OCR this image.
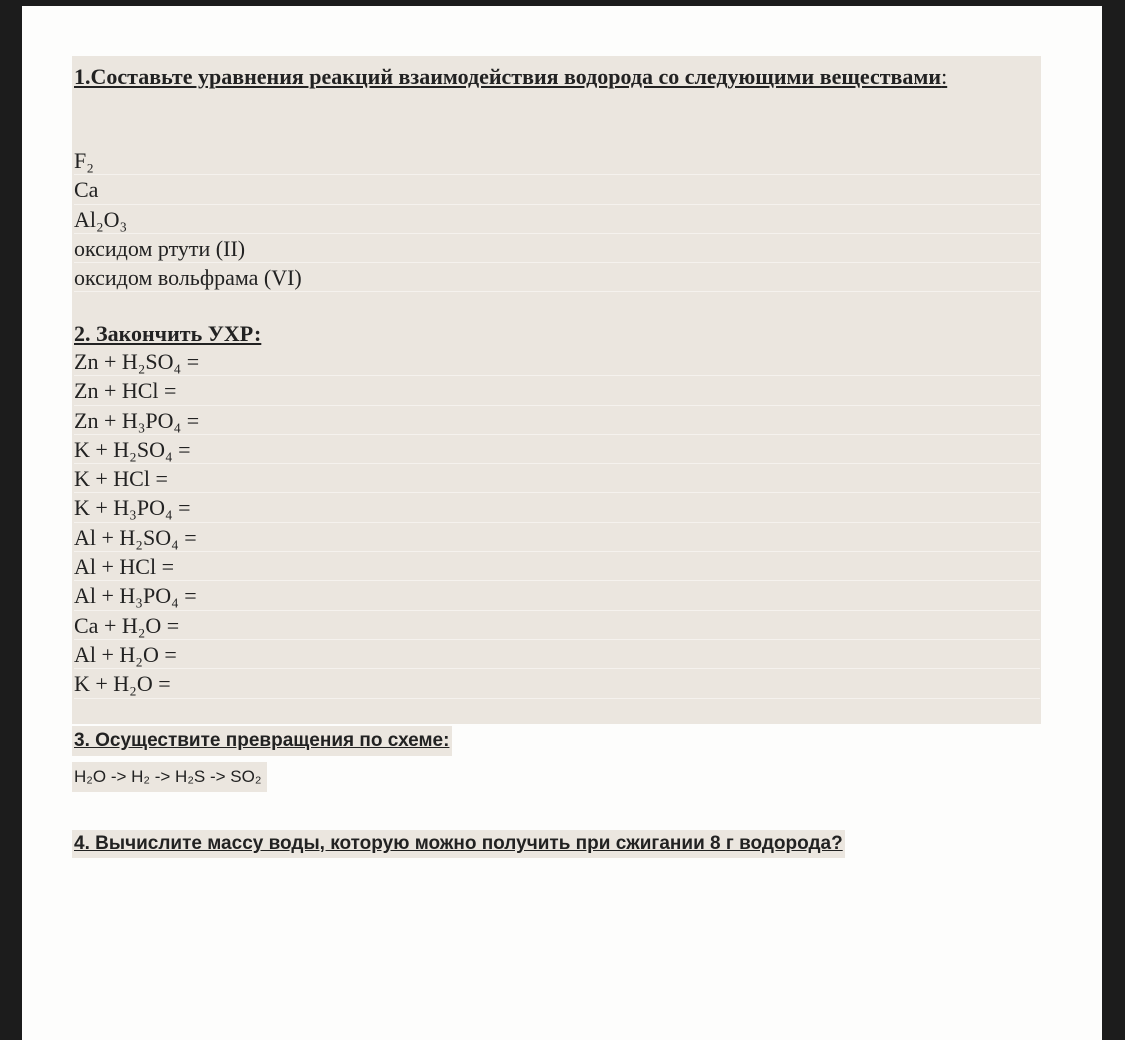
1.Составьте уравнения реакций взаимодействия водорода со следующими веществами:
F₂
Ca
Al₂O₃
оксидом ртути (II)
оксидом вольфрама (VI)
2. Закончить УХР:
Zn + H₂SO₄ =
Zn + HCl =
Zn + H₃PO₄ =
K + H₂SO₄ =
K + HCl =
K + H₃PO₄ =
Al + H₂SO₄ =
Al + HCl =
Al + H₃PO₄ =
Ca + H₂O =
Al + H₂O =
K + H₂O =
3. Осуществите превращения по схеме:
H₂O -> H₂ -> H₂S -> SO₂
4. Вычислите массу воды, которую можно получить при сжигании 8 г водорода?
